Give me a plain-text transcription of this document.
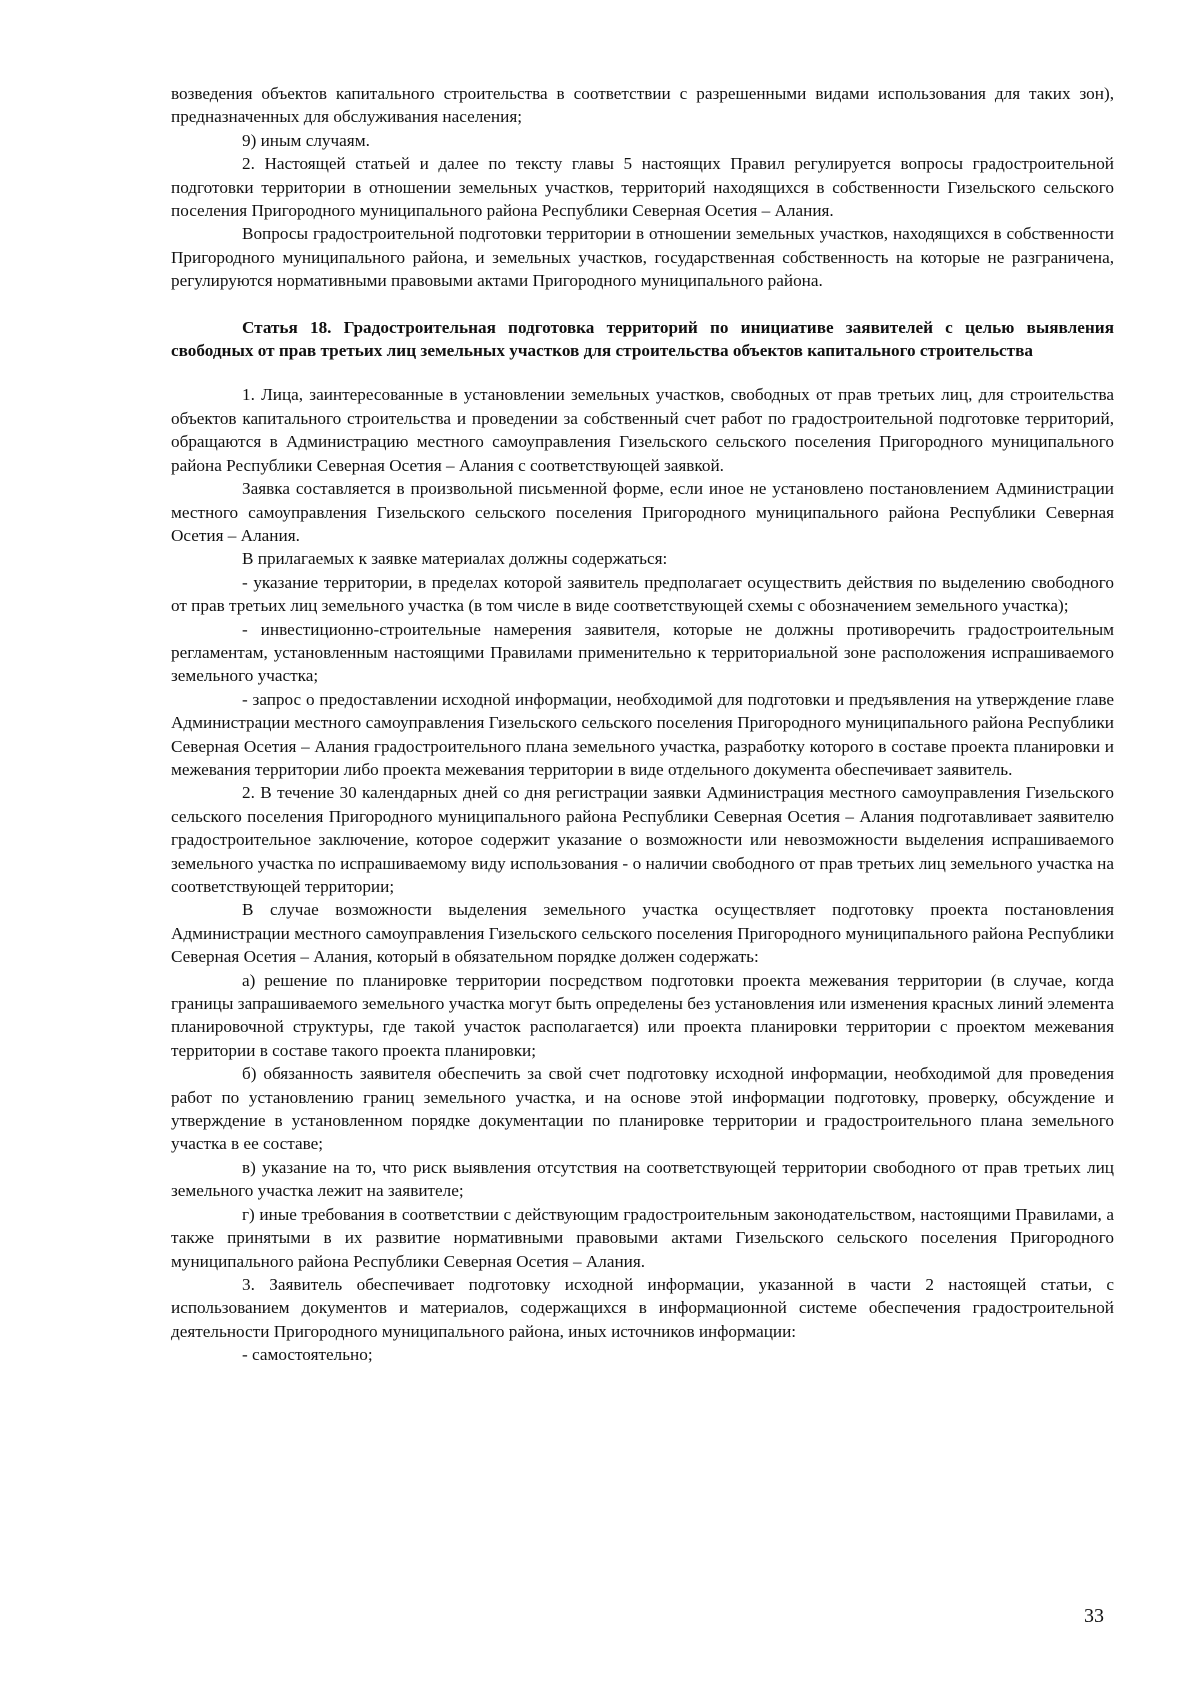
возведения объектов капитального строительства в соответствии с разрешенными видами использования для таких зон), предназначенных для обслуживания населения;

9) иным случаям.

2. Настоящей статьей и далее по тексту главы 5 настоящих Правил регулируется вопросы градостроительной подготовки территории в отношении земельных участков, территорий находящихся в собственности Гизельского сельского поселения Пригородного муниципального района Республики Северная Осетия – Алания.

Вопросы градостроительной подготовки территории в отношении земельных участков, находящихся в собственности Пригородного муниципального района, и земельных участков, государственная собственность на которые не разграничена, регулируются нормативными правовыми актами Пригородного муниципального района.

Статья 18. Градостроительная подготовка территорий по инициативе заявителей с целью выявления свободных от прав третьих лиц земельных участков для строительства объектов капитального строительства

1. Лица, заинтересованные в установлении земельных участков, свободных от прав третьих лиц, для строительства объектов капитального строительства и проведении за собственный счет работ по градостроительной подготовке территорий, обращаются в Администрацию местного самоуправления Гизельского сельского поселения Пригородного муниципального района Республики Северная Осетия – Алания с соответствующей заявкой.

Заявка составляется в произвольной письменной форме, если иное не установлено постановлением Администрации местного самоуправления Гизельского сельского поселения Пригородного муниципального района Республики Северная Осетия – Алания.

В прилагаемых к заявке материалах должны содержаться:

- указание территории, в пределах которой заявитель предполагает осуществить действия по выделению свободного от прав третьих лиц земельного участка (в том числе в виде соответствующей схемы с обозначением земельного участка);

- инвестиционно-строительные намерения заявителя, которые не должны противоречить градостроительным регламентам, установленным настоящими Правилами применительно к территориальной зоне расположения испрашиваемого земельного участка;

- запрос о предоставлении исходной информации, необходимой для подготовки и предъявления на утверждение главе Администрации местного самоуправления Гизельского сельского поселения Пригородного муниципального района Республики Северная Осетия – Алания градостроительного плана земельного участка, разработку которого в составе проекта планировки и межевания территории либо проекта межевания территории в виде отдельного документа обеспечивает заявитель.

2. В течение 30 календарных дней со дня регистрации заявки Администрация местного самоуправления Гизельского сельского поселения Пригородного муниципального района Республики Северная Осетия – Алания подготавливает заявителю градостроительное заключение, которое содержит указание о возможности или невозможности выделения испрашиваемого земельного участка по испрашиваемому виду использования - о наличии свободного от прав третьих лиц земельного участка на соответствующей территории;

В случае возможности выделения земельного участка осуществляет подготовку проекта постановления Администрации местного самоуправления Гизельского сельского поселения Пригородного муниципального района Республики Северная Осетия – Алания, который в обязательном порядке должен содержать:

а) решение по планировке территории посредством подготовки проекта межевания территории (в случае, когда границы запрашиваемого земельного участка могут быть определены без установления или изменения красных линий элемента планировочной структуры, где такой участок располагается) или проекта планировки территории с проектом межевания территории в составе такого проекта планировки;

б) обязанность заявителя обеспечить за свой счет подготовку исходной информации, необходимой для проведения работ по установлению границ земельного участка, и на основе этой информации подготовку, проверку, обсуждение и утверждение в установленном порядке документации по планировке территории и градостроительного плана земельного участка в ее составе;

в) указание на то, что риск выявления отсутствия на соответствующей территории свободного от прав третьих лиц земельного участка лежит на заявителе;

г) иные требования в соответствии с действующим градостроительным законодательством, настоящими Правилами, а также принятыми в их развитие нормативными правовыми актами Гизельского сельского поселения Пригородного муниципального района Республики Северная Осетия – Алания.

3. Заявитель обеспечивает подготовку исходной информации, указанной в части 2 настоящей статьи, с использованием документов и материалов, содержащихся в информационной системе обеспечения градостроительной деятельности Пригородного муниципального района, иных источников информации:

- самостоятельно;

33
